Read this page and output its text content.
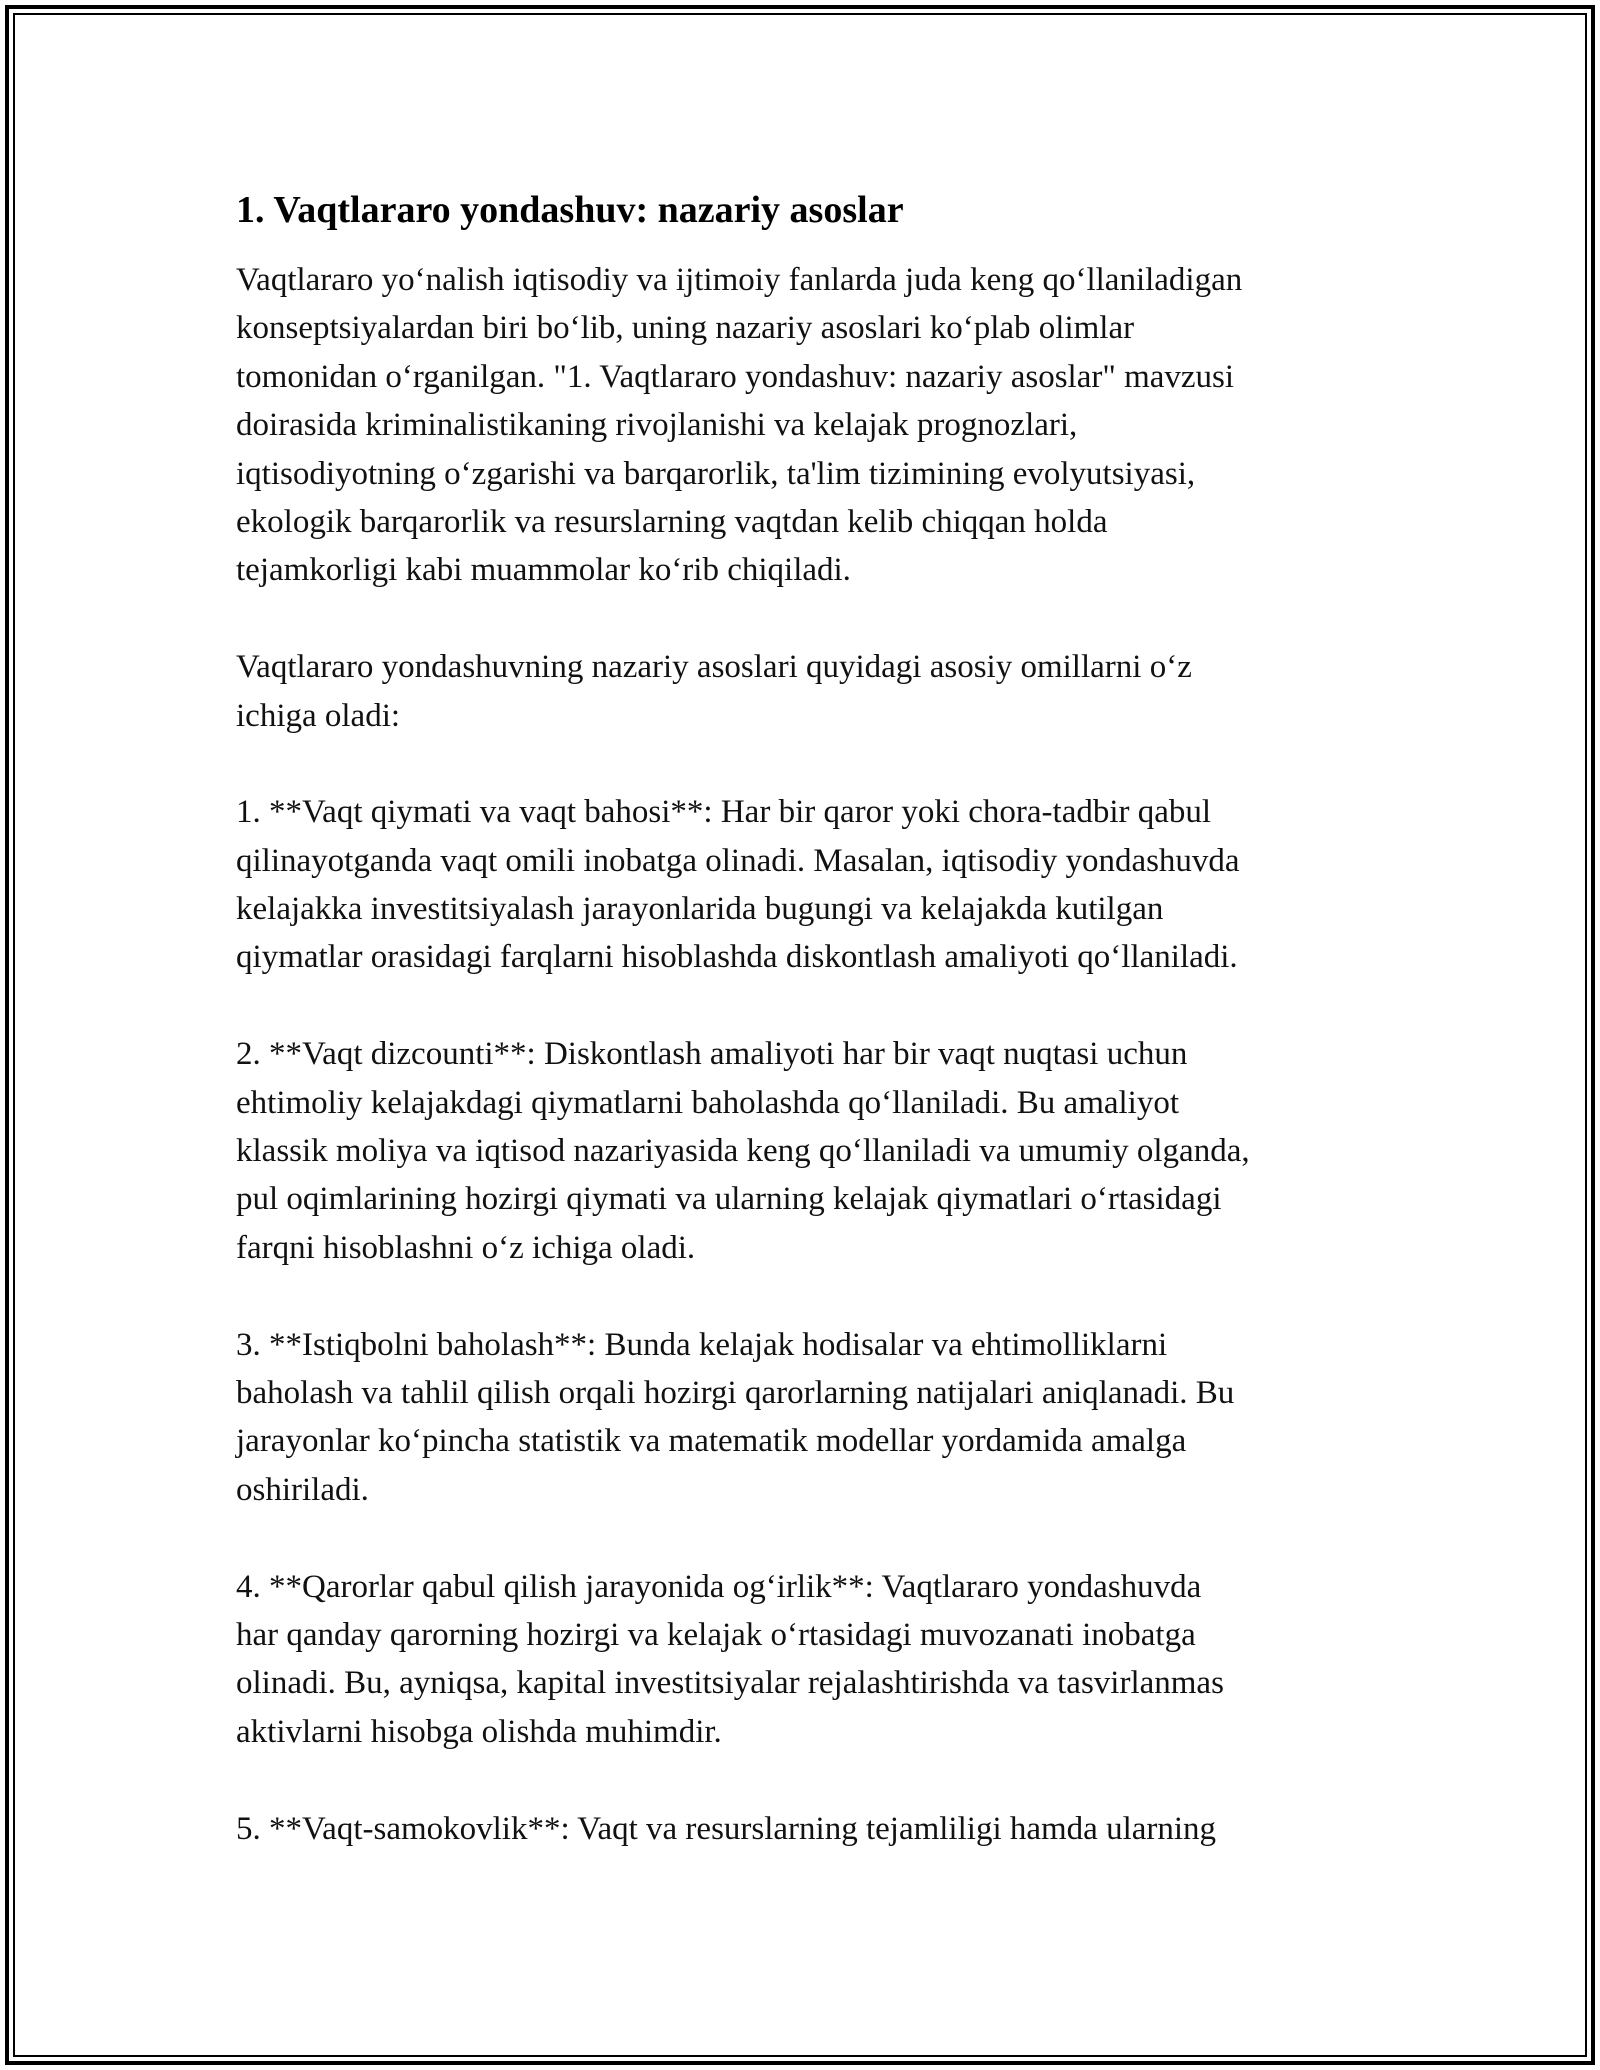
1. Vaqtlararo yondashuv: nazariy asoslar
Vaqtlararo yo‘nalish iqtisodiy va ijtimoiy fanlarda juda keng qo‘llaniladigan
konseptsiyalardan biri bo‘lib, uning nazariy asoslari ko‘plab olimlar
tomonidan o‘rganilgan. "1. Vaqtlararo yondashuv: nazariy asoslar" mavzusi
doirasida kriminalistikaning rivojlanishi va kelajak prognozlari,
iqtisodiyotning o‘zgarishi va barqarorlik, ta'lim tizimining evolyutsiyasi,
ekologik barqarorlik va resurslarning vaqtdan kelib chiqqan holda
tejamkorligi kabi muammolar ko‘rib chiqiladi.
Vaqtlararo yondashuvning nazariy asoslari quyidagi asosiy omillarni o‘z
ichiga oladi:
1. **Vaqt qiymati va vaqt bahosi**: Har bir qaror yoki chora-tadbir qabul
qilinayotganda vaqt omili inobatga olinadi. Masalan, iqtisodiy yondashuvda
kelajakka investitsiyalash jarayonlarida bugungi va kelajakda kutilgan
qiymatlar orasidagi farqlarni hisoblashda diskontlash amaliyoti qo‘llaniladi.
2. **Vaqt dizcounti**: Diskontlash amaliyoti har bir vaqt nuqtasi uchun
ehtimoliy kelajakdagi qiymatlarni baholashda qo‘llaniladi. Bu amaliyot
klassik moliya va iqtisod nazariyasida keng qo‘llaniladi va umumiy olganda,
pul oqimlarining hozirgi qiymati va ularning kelajak qiymatlari o‘rtasidagi
farqni hisoblashni o‘z ichiga oladi.
3. **Istiqbolni baholash**: Bunda kelajak hodisalar va ehtimolliklarni
baholash va tahlil qilish orqali hozirgi qarorlarning natijalari aniqlanadi. Bu
jarayonlar ko‘pincha statistik va matematik modellar yordamida amalga
oshiriladi.
4. **Qarorlar qabul qilish jarayonida og‘irlik**: Vaqtlararo yondashuvda
har qanday qarorning hozirgi va kelajak o‘rtasidagi muvozanati inobatga
olinadi. Bu, ayniqsa, kapital investitsiyalar rejalashtirishda va tasvirlanmas
aktivlarni hisobga olishda muhimdir.
5. **Vaqt-samokovlik**: Vaqt va resurslarning tejamliligi hamda ularning
